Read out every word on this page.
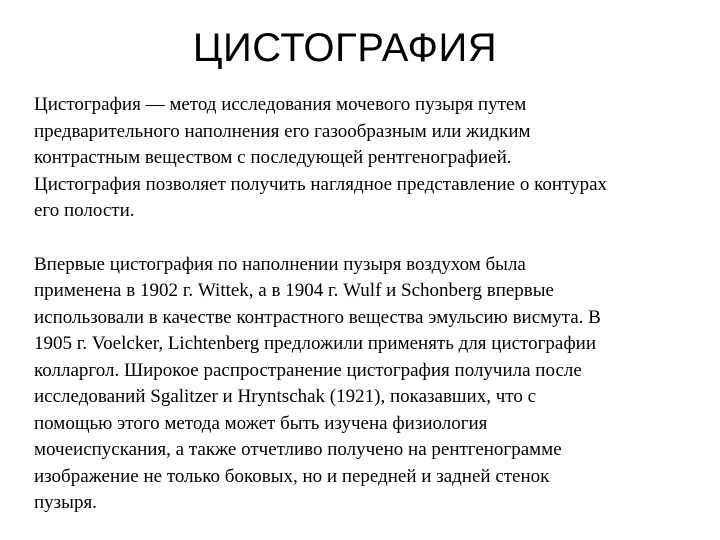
ЦИСТОГРАФИЯ

Цистография — метод исследования мочевого пузыря путем
предварительного наполнения его газообразным или жидким
контрастным веществом с последующей рентгенографией.
Цистография позволяет получить наглядное представление о контурах
его полости.

Впервые цистография по наполнении пузыря воздухом была
применена в 1902 г. Wittek, а в 1904 г. Wulf и Schonberg впервые
использовали в качестве контрастного вещества эмульсию висмута. В
1905 г. Voelcker, Lichtenberg предложили применять для цистографии
колларгол. Широкое распространение цистография получила после
исследований Sgalitzer и Hryntschak (1921), показавших, что с
помощью этого метода может быть изучена физиология
мочеиспускания, а также отчетливо получено на рентгенограмме
изображение не только боковых, но и передней и задней стенок
пузыря.
